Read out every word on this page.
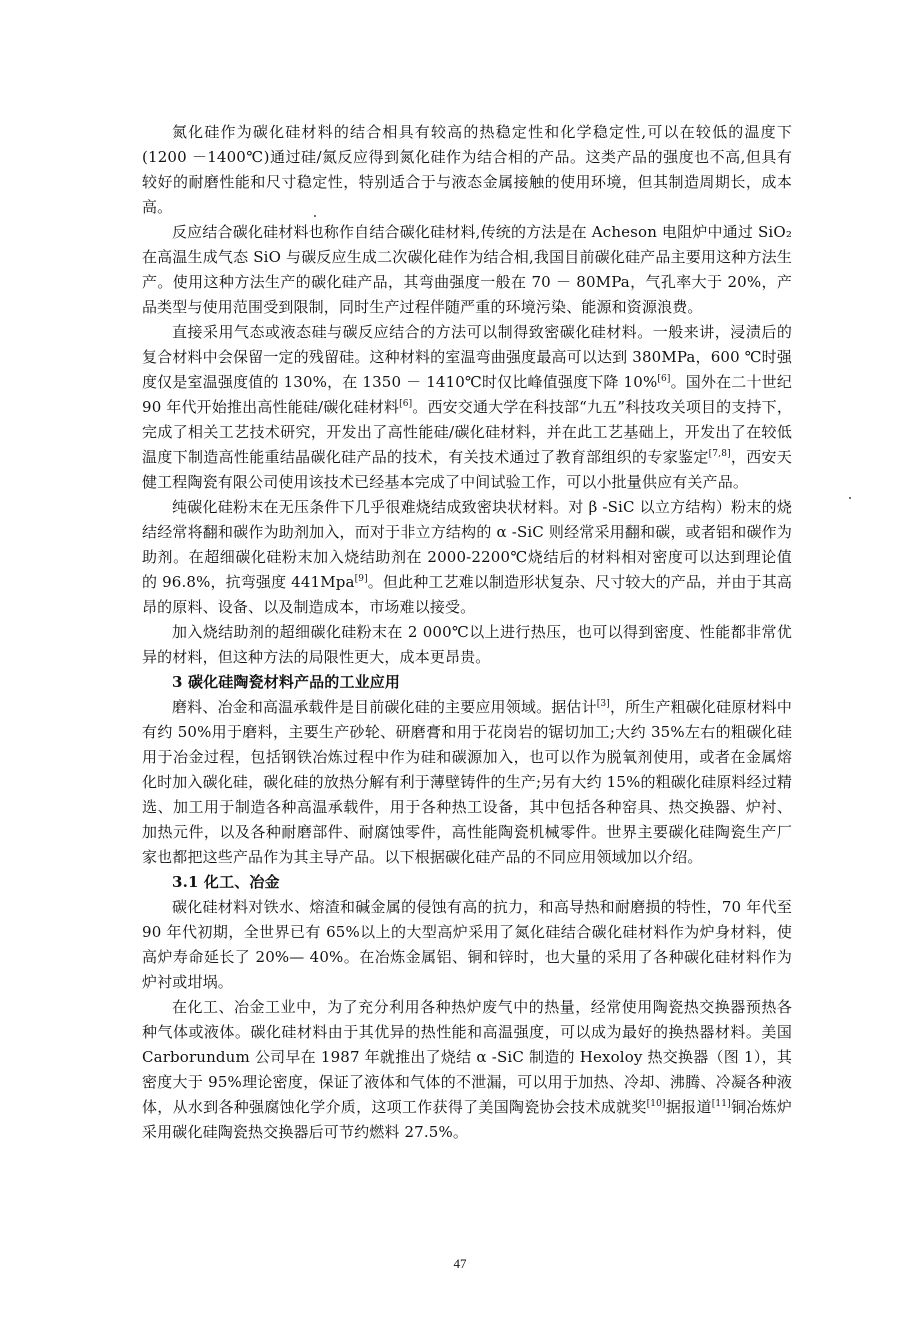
氮化硅作为碳化硅材料的结合相具有较高的热稳定性和化学稳定性,可以在较低的温度下(1200 －1400℃)通过硅/氮反应得到氮化硅作为结合相的产品。这类产品的强度也不高,但具有较好的耐磨性能和尺寸稳定性，特别适合于与液态金属接触的使用环境，但其制造周期长，成本高。

反应结合碳化硅材料也称作自结合碳化硅材料,传统的方法是在 Acheson 电阻炉中通过 SiO₂在高温生成气态 SiO 与碳反应生成二次碳化硅作为结合相,我国目前碳化硅产品主要用这种方法生产。使用这种方法生产的碳化硅产品，其弯曲强度一般在 70 － 80MPa，气孔率大于 20%，产品类型与使用范围受到限制，同时生产过程伴随严重的环境污染、能源和资源浪费。

直接采用气态或液态硅与碳反应结合的方法可以制得致密碳化硅材料。一般来讲，浸渍后的复合材料中会保留一定的残留硅。这种材料的室温弯曲强度最高可以达到 380MPa，600 ℃时强度仅是室温强度值的 130%，在 1350 － 1410℃时仅比峰值强度下降 10%[6]。国外在二十世纪 90 年代开始推出高性能硅/碳化硅材料[6]。西安交通大学在科技部“九五”科技攻关项目的支持下，完成了相关工艺技术研究，开发出了高性能硅/碳化硅材料，并在此工艺基础上，开发出了在较低温度下制造高性能重结晶碳化硅产品的技术，有关技术通过了教育部组织的专家鉴定[7,8]，西安天健工程陶瓷有限公司使用该技术已经基本完成了中间试验工作，可以小批量供应有关产品。

纯碳化硅粉末在无压条件下几乎很难烧结成致密块状材料。对 β -SiC 以立方结构）粉末的烧结经常将翻和碳作为助剂加入，而对于非立方结构的 α -SiC 则经常采用翻和碳，或者铝和碳作为助剂。在超细碳化硅粉末加入烧结助剂在 2000-2200℃烧结后的材料相对密度可以达到理论值的 96.8%，抗弯强度 441Mpa[9]。但此种工艺难以制造形状复杂、尺寸较大的产品，并由于其高昂的原料、设备、以及制造成本，市场难以接受。

加入烧结助剂的超细碳化硅粉末在 2 000℃以上进行热压，也可以得到密度、性能都非常优异的材料，但这种方法的局限性更大，成本更昂贵。

3 碳化硅陶瓷材料产品的工业应用

磨料、冶金和高温承载件是目前碳化硅的主要应用领域。据估计[3]，所生产粗碳化硅原材料中有约 50%用于磨料，主要生产砂轮、研磨膏和用于花岗岩的锯切加工;大约 35%左右的粗碳化硅用于冶金过程，包括钢铁冶炼过程中作为硅和碳源加入，也可以作为脱氧剂使用，或者在金属熔化时加入碳化硅，碳化硅的放热分解有利于薄壁铸件的生产;另有大约 15%的粗碳化硅原料经过精选、加工用于制造各种高温承载件，用于各种热工设备，其中包括各种窑具、热交换器、炉衬、加热元件，以及各种耐磨部件、耐腐蚀零件，高性能陶瓷机械零件。世界主要碳化硅陶瓷生产厂家也都把这些产品作为其主导产品。以下根据碳化硅产品的不同应用领域加以介绍。

3.1 化工、冶金

碳化硅材料对铁水、熔渣和碱金属的侵蚀有高的抗力，和高导热和耐磨损的特性，70 年代至 90 年代初期，全世界已有 65%以上的大型高炉采用了氮化硅结合碳化硅材料作为炉身材料，使高炉寿命延长了 20%— 40%。在冶炼金属铝、铜和锌时，也大量的采用了各种碳化硅材料作为炉衬或坩埚。

在化工、冶金工业中，为了充分利用各种热炉废气中的热量，经常使用陶瓷热交换器预热各种气体或液体。碳化硅材料由于其优异的热性能和高温强度，可以成为最好的换热器材料。美国 Carborundum 公司早在 1987 年就推出了烧结 α -SiC 制造的 Hexoloy 热交换器（图 1），其密度大于 95%理论密度，保证了液体和气体的不泄漏，可以用于加热、冷却、沸腾、冷凝各种液体，从水到各种强腐蚀化学介质，这项工作获得了美国陶瓷协会技术成就奖[10]据报道[11]铜冶炼炉采用碳化硅陶瓷热交换器后可节约燃料 27.5%。

47
